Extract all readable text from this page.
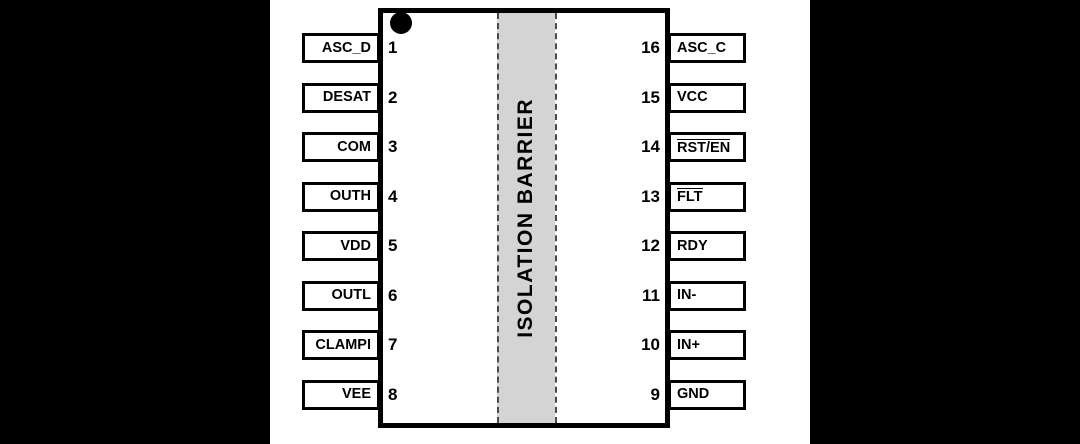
ISOLATION BARRIER
ASC_D 1
DESAT 2
COM 3
OUTH 4
VDD 5
OUTL 6
CLAMPI 7
VEE 8
ASC_C
16
VCC
15
RST/EN
14
FLT
13
RDY
12
IN-
11
IN+
10
GND
9
